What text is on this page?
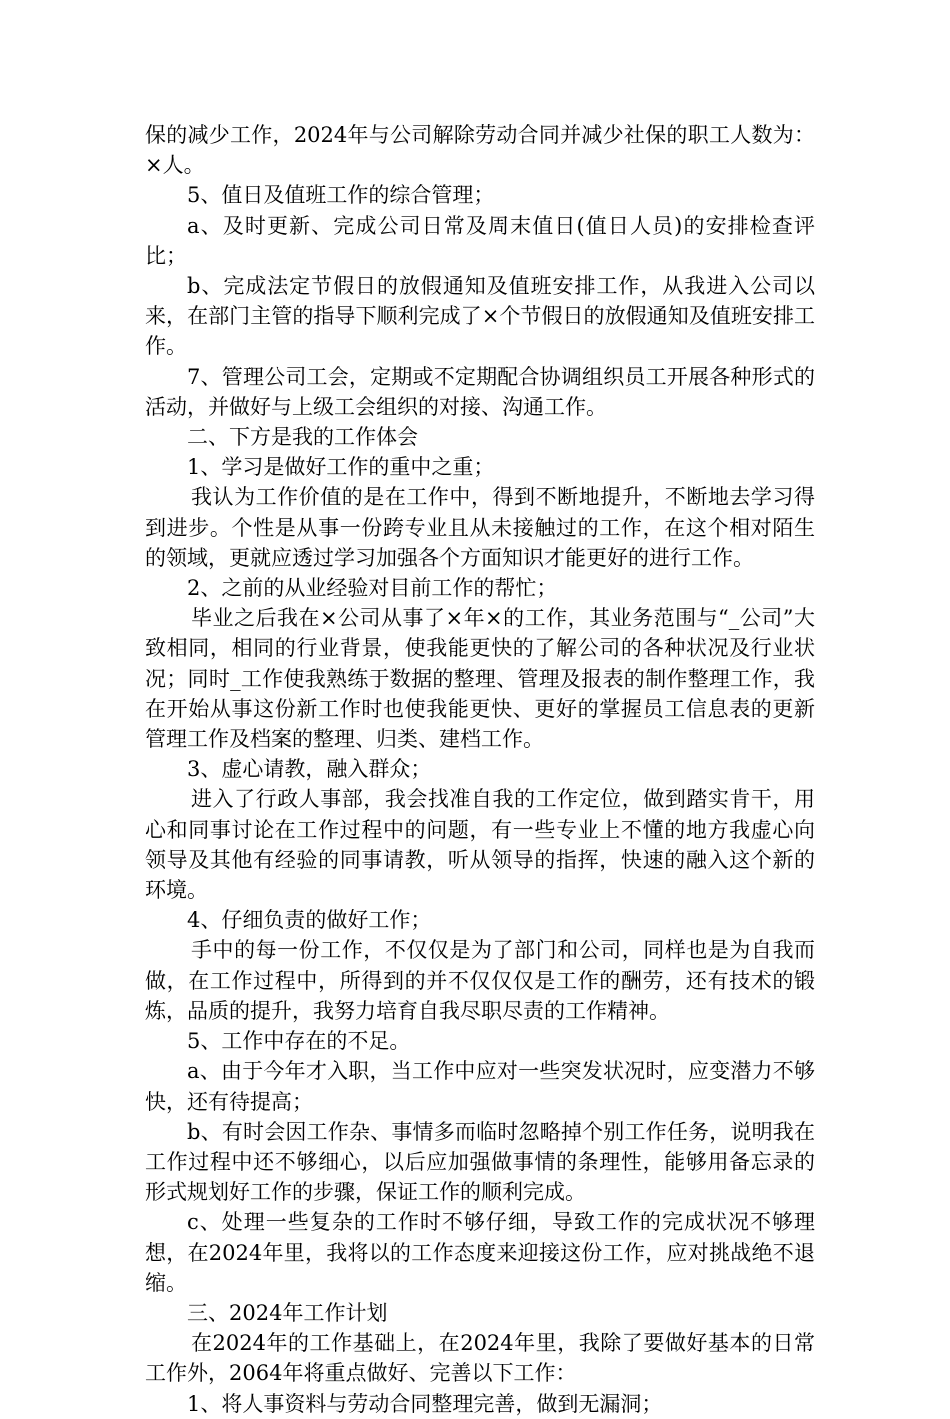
保的减少工作，2024年与公司解除劳动合同并减少社保的职工人数为：×人。

5、值日及值班工作的综合管理；

a、及时更新、完成公司日常及周末值日(值日人员)的安排检查评比；

b、完成法定节假日的放假通知及值班安排工作，从我进入公司以来，在部门主管的指导下顺利完成了×个节假日的放假通知及值班安排工作。

7、管理公司工会，定期或不定期配合协调组织员工开展各种形式的活动，并做好与上级工会组织的对接、沟通工作。

二、下方是我的工作体会

1、学习是做好工作的重中之重；

我认为工作价值的是在工作中，得到不断地提升，不断地去学习得到进步。个性是从事一份跨专业且从未接触过的工作，在这个相对陌生的领域，更就应透过学习加强各个方面知识才能更好的进行工作。

2、之前的从业经验对目前工作的帮忙；

毕业之后我在×公司从事了×年×的工作，其业务范围与“_公司”大致相同，相同的行业背景，使我能更快的了解公司的各种状况及行业状况；同时_工作使我熟练于数据的整理、管理及报表的制作整理工作，我在开始从事这份新工作时也使我能更快、更好的掌握员工信息表的更新管理工作及档案的整理、归类、建档工作。

3、虚心请教，融入群众；

进入了行政人事部，我会找准自我的工作定位，做到踏实肯干，用心和同事讨论在工作过程中的问题，有一些专业上不懂的地方我虚心向领导及其他有经验的同事请教，听从领导的指挥，快速的融入这个新的环境。

4、仔细负责的做好工作；

手中的每一份工作，不仅仅是为了部门和公司，同样也是为自我而做，在工作过程中，所得到的并不仅仅仅是工作的酬劳，还有技术的锻炼，品质的提升，我努力培育自我尽职尽责的工作精神。

5、工作中存在的不足。

a、由于今年才入职，当工作中应对一些突发状况时，应变潜力不够快，还有待提高；

b、有时会因工作杂、事情多而临时忽略掉个别工作任务，说明我在工作过程中还不够细心，以后应加强做事情的条理性，能够用备忘录的形式规划好工作的步骤，保证工作的顺利完成。

c、处理一些复杂的工作时不够仔细，导致工作的完成状况不够理想，在2024年里，我将以的工作态度来迎接这份工作，应对挑战绝不退缩。

三、2024年工作计划

在2024年的工作基础上，在2024年里，我除了要做好基本的日常工作外，2064年将重点做好、完善以下工作：

1、将人事资料与劳动合同整理完善，做到无漏洞；
